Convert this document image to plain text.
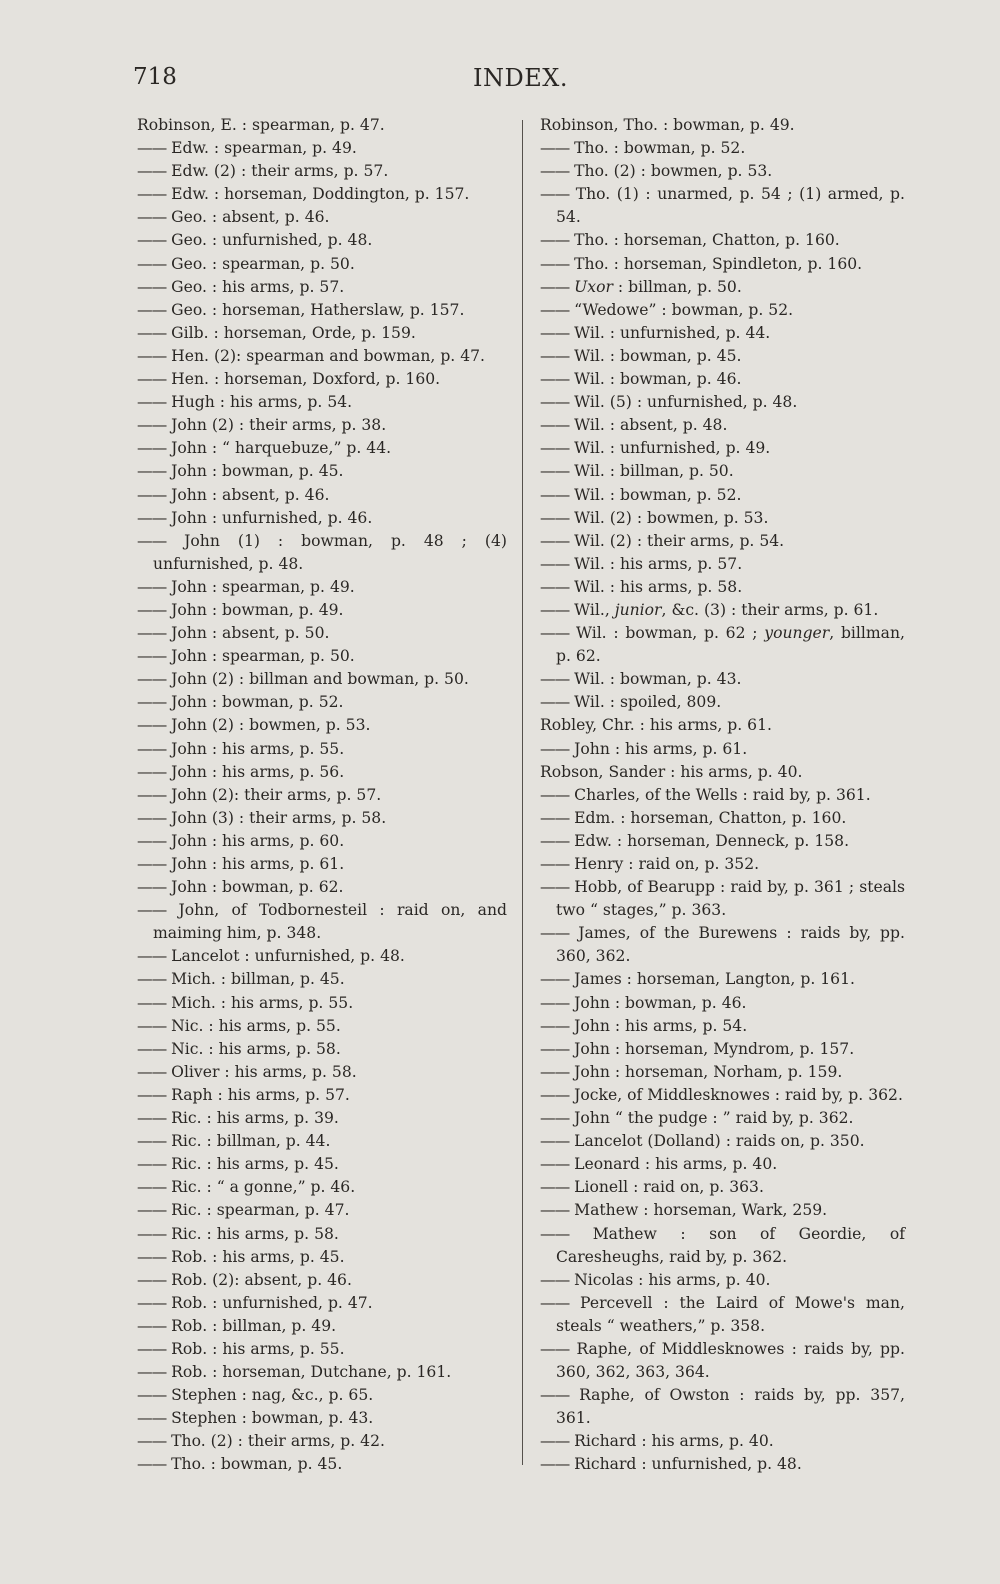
718	INDEX.

Robinson, E. : spearman, p. 47.

—— Edw. : spearman, p. 49.

—— Edw. (2) : their arms, p. 57.

—— Edw. : horseman, Doddington, p. 157.

—— Geo. : absent, p. 46.

—— Geo. : unfurnished, p. 48.

—— Geo. : spearman, p. 50.

—— Geo. : his arms, p. 57.

—— Geo. : horseman, Hatherslaw, p. 157.

—— Gilb. : horseman, Orde, p. 159.

—— Hen. (2): spearman and bowman, p. 47.

—— Hen. : horseman, Doxford, p. 160.

—— Hugh : his arms, p. 54.

—— John (2) : their arms, p. 38.

—— John : “ harquebuze,” p. 44.

—— John : bowman, p. 45.

—— John : absent, p. 46.

—— John : unfurnished, p. 46.

—— John (1) : bowman, p. 48 ; (4) unfurnished, p. 48.

—— John : spearman, p. 49.

—— John : bowman, p. 49.

—— John : absent, p. 50.

—— John : spearman, p. 50.

—— John (2) : billman and bowman, p. 50.

—— John : bowman, p. 52.

—— John (2) : bowmen, p. 53.

—— John : his arms, p. 55.

—— John : his arms, p. 56.

—— John (2): their arms, p. 57.

—— John (3) : their arms, p. 58.

—— John : his arms, p. 60.

—— John : his arms, p. 61.

—— John : bowman, p. 62.

—— John, of Todbornesteil : raid on, and maiming him, p. 348.

—— Lancelot : unfurnished, p. 48.

—— Mich. : billman, p. 45.

—— Mich. : his arms, p. 55.

—— Nic. : his arms, p. 55.

—— Nic. : his arms, p. 58.

—— Oliver : his arms, p. 58.

—— Raph : his arms, p. 57.

—— Ric. : his arms, p. 39.

—— Ric. : billman, p. 44.

—— Ric. : his arms, p. 45.

—— Ric. : “ a gonne,” p. 46.

—— Ric. : spearman, p. 47.

—— Ric. : his arms, p. 58.

—— Rob. : his arms, p. 45.

—— Rob. (2): absent, p. 46.

—— Rob. : unfurnished, p. 47.

—— Rob. : billman, p. 49.

—— Rob. : his arms, p. 55.

—— Rob. : horseman, Dutchane, p. 161.

—— Stephen : nag, &c., p. 65.

—— Stephen : bowman, p. 43.

—— Tho. (2) : their arms, p. 42.

—— Tho. : bowman, p. 45.

Robinson, Tho. : bowman, p. 49.

—— Tho. : bowman, p. 52.

—— Tho. (2) : bowmen, p. 53.

—— Tho. (1) : unarmed, p. 54 ; (1) armed, p. 54.

—— Tho. : horseman, Chatton, p. 160.

—— Tho. : horseman, Spindleton, p. 160.

—— Uxor : billman, p. 50.

—— “Wedowe” : bowman, p. 52.

—— Wil. : unfurnished, p. 44.

—— Wil. : bowman, p. 45.

—— Wil. : bowman, p. 46.

—— Wil. (5) : unfurnished, p. 48.

—— Wil. : absent, p. 48.

—— Wil. : unfurnished, p. 49.

—— Wil. : billman, p. 50.

—— Wil. : bowman, p. 52.

—— Wil. (2) : bowmen, p. 53.

—— Wil. (2) : their arms, p. 54.

—— Wil. : his arms, p. 57.

—— Wil. : his arms, p. 58.

—— Wil., junior, &c. (3) : their arms, p. 61.

—— Wil. : bowman, p. 62 ; younger, billman, p. 62.

—— Wil. : bowman, p. 43.

—— Wil. : spoiled, 809.

Robley, Chr. : his arms, p. 61.

—— John : his arms, p. 61.

Robson, Sander : his arms, p. 40.

—— Charles, of the Wells : raid by, p. 361.

—— Edm. : horseman, Chatton, p. 160.

—— Edw. : horseman, Denneck, p. 158.

—— Henry : raid on, p. 352.

—— Hobb, of Bearupp : raid by, p. 361 ; steals two “ stages,” p. 363.

—— James, of the Burewens : raids by, pp. 360, 362.

—— James : horseman, Langton, p. 161.

—— John : bowman, p. 46.

—— John : his arms, p. 54.

—— John : horseman, Myndrom, p. 157.

—— John : horseman, Norham, p. 159.

—— Jocke, of Middlesknowes : raid by, p. 362.

—— John “ the pudge : ” raid by, p. 362.

—— Lancelot (Dolland) : raids on, p. 350.

—— Leonard : his arms, p. 40.

—— Lionell : raid on, p. 363.

—— Mathew : horseman, Wark, 259.

—— Mathew : son of Geordie, of Caresheughs, raid by, p. 362.

—— Nicolas : his arms, p. 40.

—— Percevell : the Laird of Mowe's man, steals “ weathers,” p. 358.

—— Raphe, of Middlesknowes : raids by, pp. 360, 362, 363, 364.

—— Raphe, of Owston : raids by, pp. 357, 361.

—— Richard : his arms, p. 40.

—— Richard : unfurnished, p. 48.
